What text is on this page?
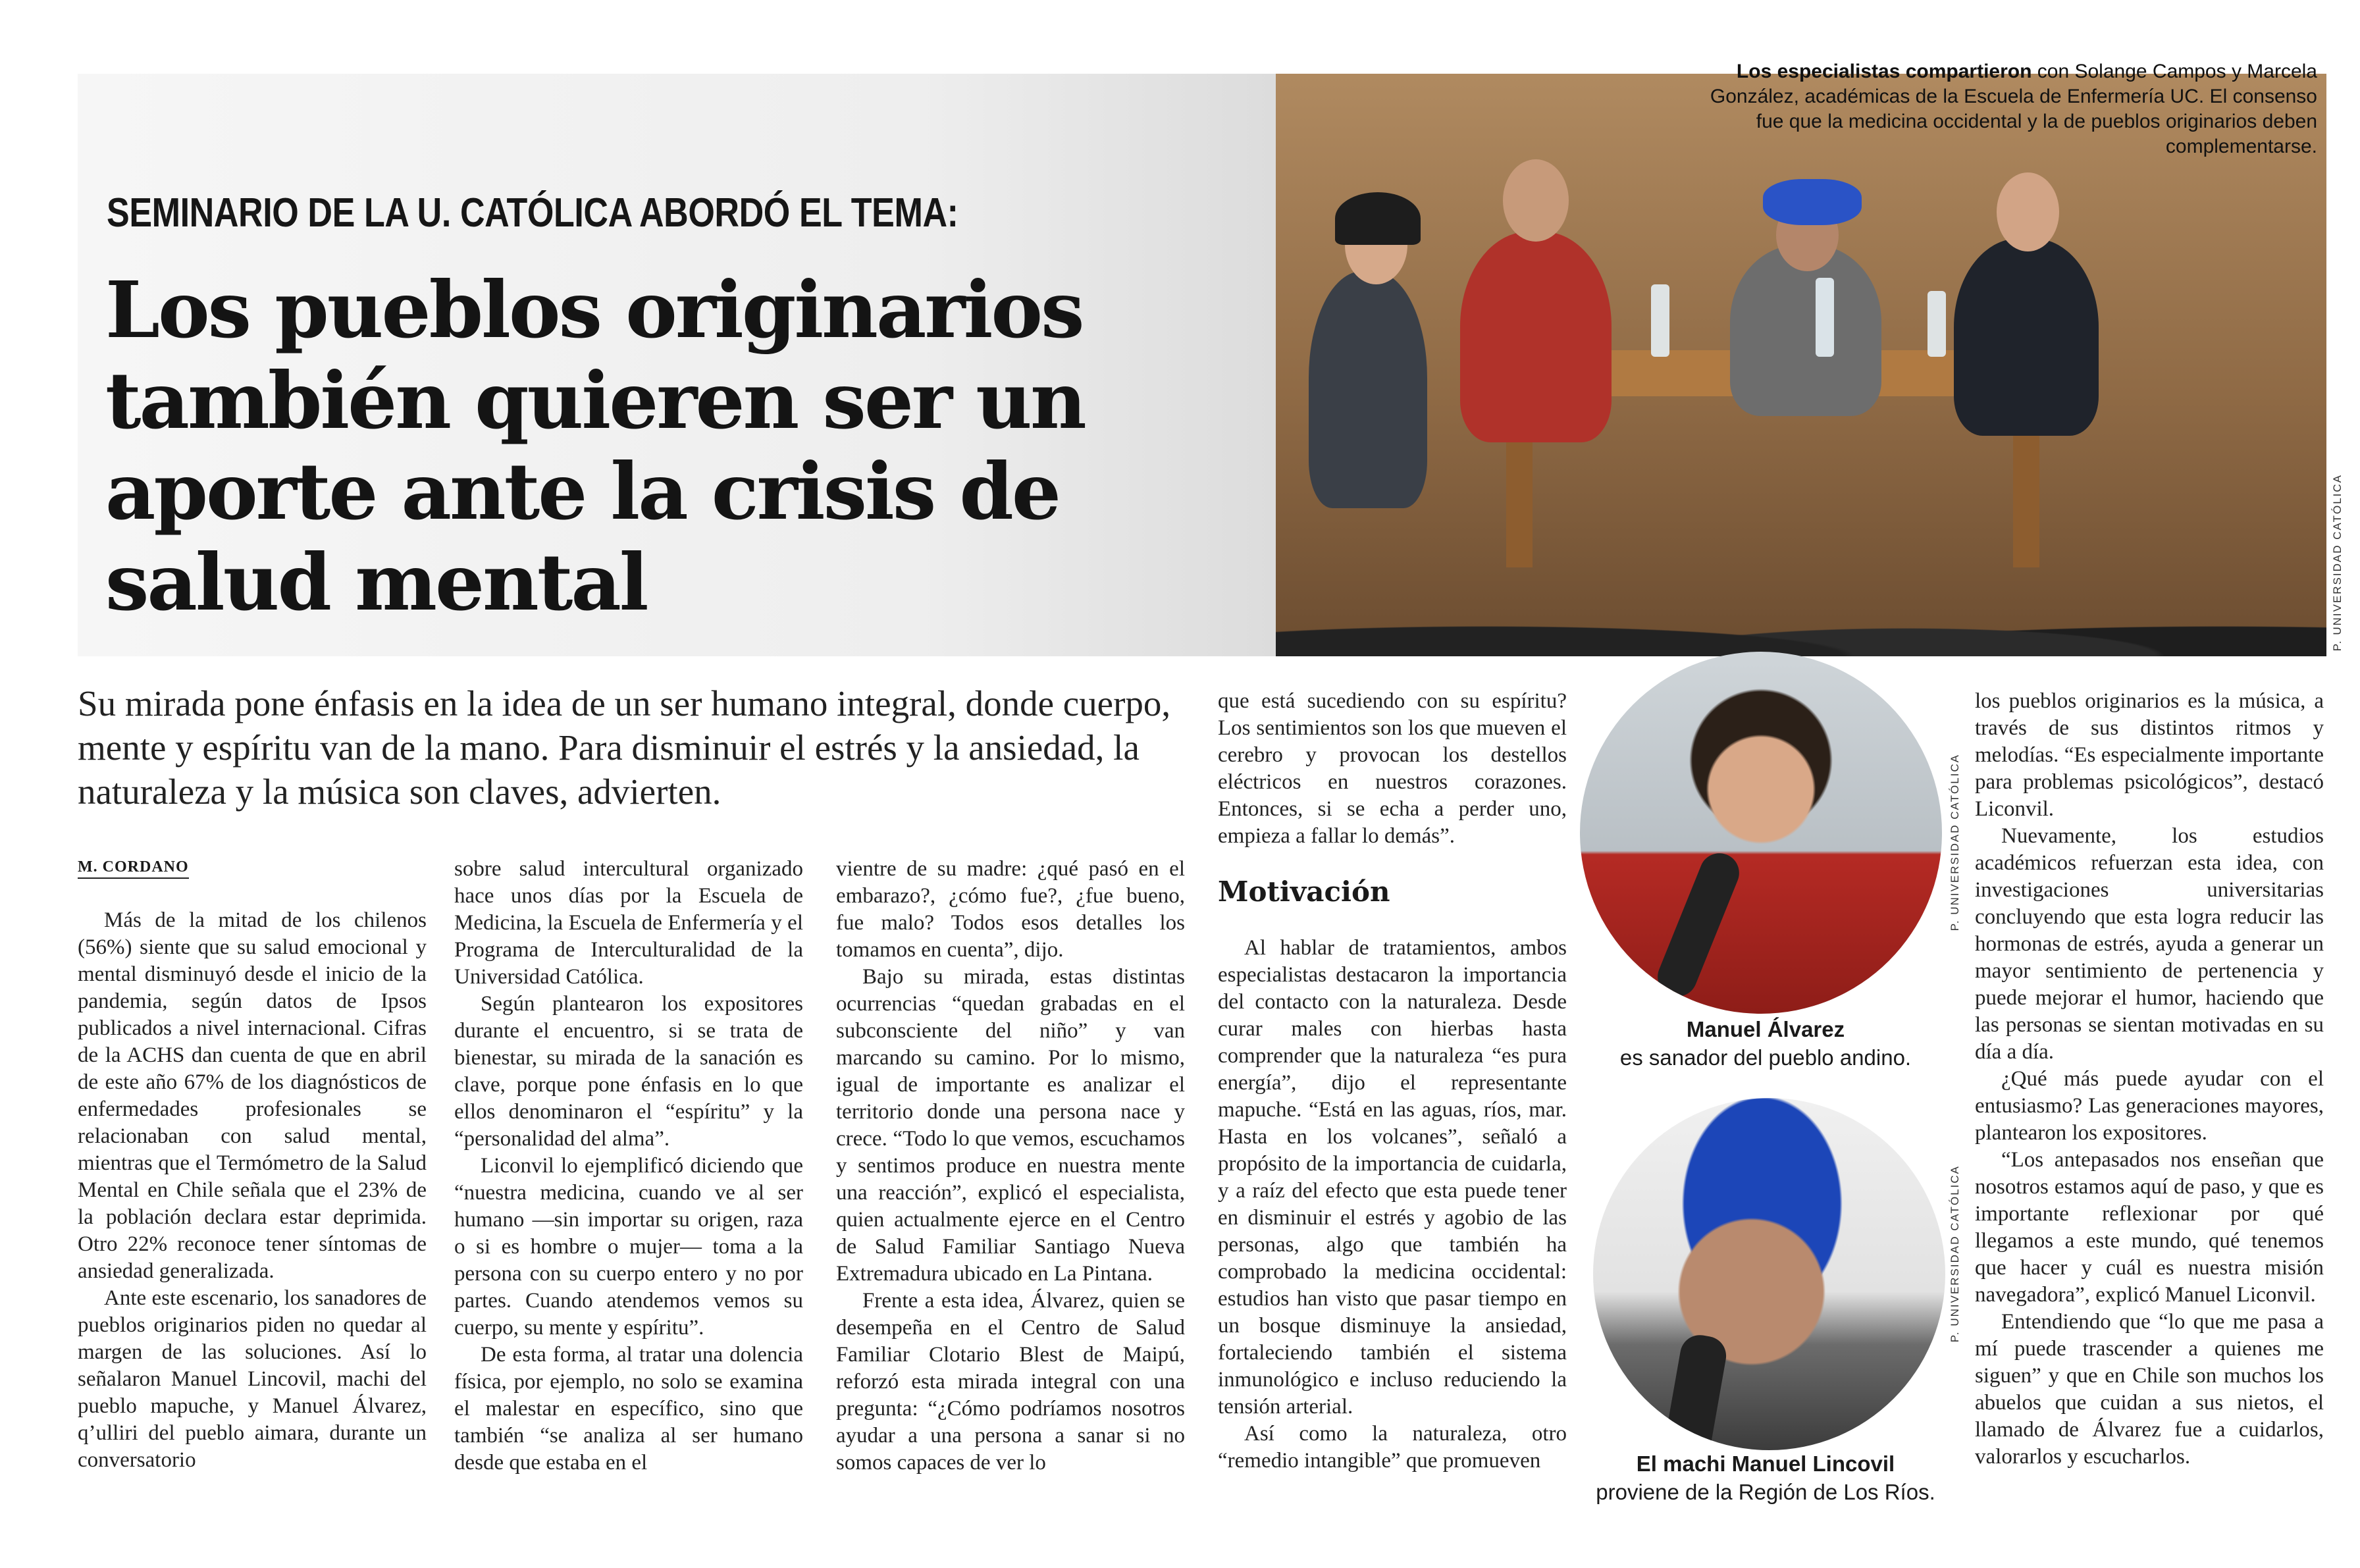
Los especialistas compartieron con Solange Campos y Marcela González, académicas de la Escuela de Enfermería UC. El consenso fue que la medicina occidental y la de pueblos originarios deben complementarse.
P. UNIVERSIDAD CATÓLICA
SEMINARIO DE LA U. CATÓLICA ABORDÓ EL TEMA:
Los pueblos originarios también quieren ser un aporte ante la crisis de salud mental
Su mirada pone énfasis en la idea de un ser humano integral, donde cuerpo, mente y espíritu van de la mano. Para disminuir el estrés y la ansiedad, la naturaleza y la música son claves, advierten.
M. CORDANO

Más de la mitad de los chilenos (56%) siente que su salud emocional y mental disminuyó desde el inicio de la pandemia, según datos de Ipsos publicados a nivel internacional. Cifras de la ACHS dan cuenta de que en abril de este año 67% de los diagnósticos de enfermedades profesionales se relacionaban con salud mental, mientras que el Termómetro de la Salud Mental en Chile señala que el 23% de la población declara estar deprimida. Otro 22% reconoce tener síntomas de ansiedad generalizada.

Ante este escenario, los sanadores de pueblos originarios piden no quedar al margen de las soluciones. Así lo señalaron Manuel Lincovil, machi del pueblo mapuche, y Manuel Álvarez, q’ulliri del pueblo aimara, durante un conversatorio

sobre salud intercultural organizado hace unos días por la Escuela de Medicina, la Escuela de Enfermería y el Programa de Interculturalidad de la Universidad Católica.

Según plantearon los expositores durante el encuentro, si se trata de bienestar, su mirada de la sanación es clave, porque pone énfasis en lo que ellos denominaron el “espíritu” y la “personalidad del alma”.

Liconvil lo ejemplificó diciendo que “nuestra medicina, cuando ve al ser humano —sin importar su origen, raza o si es hombre o mujer— toma a la persona con su cuerpo entero y no por partes. Cuando atendemos vemos su cuerpo, su mente y espíritu”.

De esta forma, al tratar una dolencia física, por ejemplo, no solo se examina el malestar en específico, sino que también “se analiza al ser humano desde que estaba en el

vientre de su madre: ¿qué pasó en el embarazo?, ¿cómo fue?, ¿fue bueno, fue malo? Todos esos detalles los tomamos en cuenta”, dijo.

Bajo su mirada, estas distintas ocurrencias “quedan grabadas en el subconsciente del niño” y van marcando su camino. Por lo mismo, igual de importante es analizar el territorio donde una persona nace y crece. “Todo lo que vemos, escuchamos y sentimos produce en nuestra mente una reacción”, explicó el especialista, quien actualmente ejerce en el Centro de Salud Familiar Santiago Nueva Extremadura ubicado en La Pintana.

Frente a esta idea, Álvarez, quien se desempeña en el Centro de Salud Familiar Clotario Blest de Maipú, reforzó esta mirada integral con una pregunta: “¿Cómo podríamos nosotros ayudar a una persona a sanar si no somos capaces de ver lo

que está sucediendo con su espíritu? Los sentimientos son los que mueven el cerebro y provocan los destellos eléctricos en nuestros corazones. Entonces, si se echa a perder uno, empieza a fallar lo demás”.

Motivación

Al hablar de tratamientos, ambos especialistas destacaron la importancia del contacto con la naturaleza. Desde curar males con hierbas hasta comprender que la naturaleza “es pura energía”, dijo el representante mapuche. “Está en las aguas, ríos, mar. Hasta en los volcanes”, señaló a propósito de la importancia de cuidarla, y a raíz del efecto que esta puede tener en disminuir el estrés y agobio de las personas, algo que también ha comprobado la medicina occidental: estudios han visto que pasar tiempo en un bosque disminuye la ansiedad, fortaleciendo también el sistema inmunológico e incluso reduciendo la tensión arterial.

Así como la naturaleza, otro “remedio intangible” que promueven

los pueblos originarios es la música, a través de sus distintos ritmos y melodías. “Es especialmente importante para problemas psicológicos”, destacó Liconvil.

Nuevamente, los estudios académicos refuerzan esta idea, con investigaciones universitarias concluyendo que esta logra reducir las hormonas de estrés, ayuda a generar un mayor sentimiento de pertenencia y puede mejorar el humor, haciendo que las personas se sientan motivadas en su día a día.

¿Qué más puede ayudar con el entusiasmo? Las generaciones mayores, plantearon los expositores.

“Los antepasados nos enseñan que nosotros estamos aquí de paso, y que es importante reflexionar por qué llegamos a este mundo, qué tenemos que hacer y cuál es nuestra misión navegadora”, explicó Manuel Liconvil.

Entendiendo que “lo que me pasa a mí puede trascender a quienes me siguen” y que en Chile son muchos los abuelos que cuidan a sus nietos, el llamado de Álvarez fue a cuidarlos, valorarlos y escucharlos.

P. UNIVERSIDAD CATÓLICA
Manuel Álvarez
es sanador del pueblo andino.
P. UNIVERSIDAD CATÓLICA
El machi Manuel Lincovil
proviene de la Región de Los Ríos.
